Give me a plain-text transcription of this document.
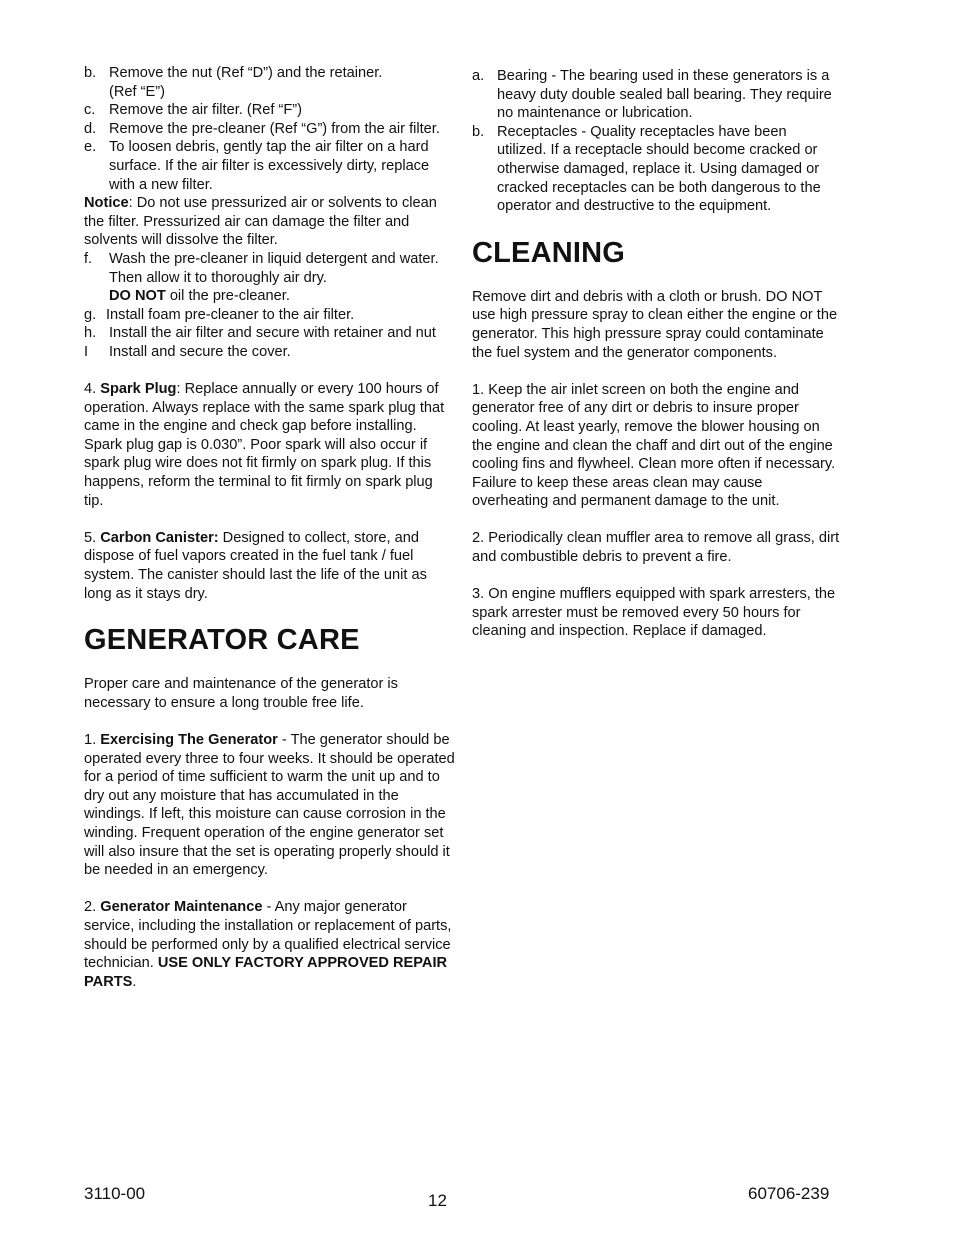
b. Remove the nut (Ref “D”) and the retainer.
(Ref “E”)
c. Remove the air filter. (Ref “F”)
d. Remove the pre-cleaner (Ref “G”) from the air filter.
e. To loosen debris, gently tap the air filter on a hard surface. If the air filter is excessively dirty, replace with a new filter.

Notice: Do not use pressurized air or solvents to clean the filter. Pressurized air can damage the filter and solvents will dissolve the filter.

f. Wash the pre-cleaner in liquid detergent and water. Then allow it to thoroughly air dry.
DO NOT oil the pre-cleaner.
g. Install foam pre-cleaner to the air filter.
h. Install the air filter and secure with retainer and nut
I Install and secure the cover.

4. Spark Plug: Replace annually or every 100 hours of operation. Always replace with the same spark plug that came in the engine and check gap before installing. Spark plug gap is 0.030”. Poor spark will also occur if spark plug wire does not fit firmly on spark plug. If this happens, reform the terminal to fit firmly on spark plug tip.

5. Carbon Canister: Designed to collect, store, and dispose of fuel vapors created in the fuel tank / fuel system. The canister should last the life of the unit as long as it stays dry.

GENERATOR CARE

Proper care and maintenance of the generator is necessary to ensure a long trouble free life.

1. Exercising The Generator - The generator should be operated every three to four weeks. It should be operated for a period of time sufficient to warm the unit up and to dry out any moisture that has accumulated in the windings. If left, this moisture can cause corrosion in the winding. Frequent operation of the engine generator set will also insure that the set is operating properly should it be needed in an emergency.

2. Generator Maintenance - Any major generator service, including the installation or replacement of parts, should be performed only by a qualified electrical service technician. USE ONLY FACTORY APPROVED REPAIR PARTS.

a. Bearing - The bearing used in these generators is a heavy duty double sealed ball bearing. They require no maintenance or lubrication.
b. Receptacles - Quality receptacles have been utilized. If a receptacle should become cracked or otherwise damaged, replace it. Using damaged or cracked receptacles can be both dangerous to the operator and destructive to the equipment.
CLEANING

Remove dirt and debris with a cloth or brush. DO NOT use high pressure spray to clean either the engine or the generator. This high pressure spray could contaminate the fuel system and the generator components.

1. Keep the air inlet screen on both the engine and generator free of any dirt or debris to insure proper cooling. At least yearly, remove the blower housing on the engine and clean the chaff and dirt out of the engine cooling fins and flywheel. Clean more often if necessary. Failure to keep these areas clean may cause overheating and permanent damage to the unit.

2. Periodically clean muffler area to remove all grass, dirt and combustible debris to prevent a fire.

3. On engine mufflers equipped with spark arresters, the spark arrester must be removed every 50 hours for cleaning and inspection. Replace if damaged.

3110-00	12	60706-239
